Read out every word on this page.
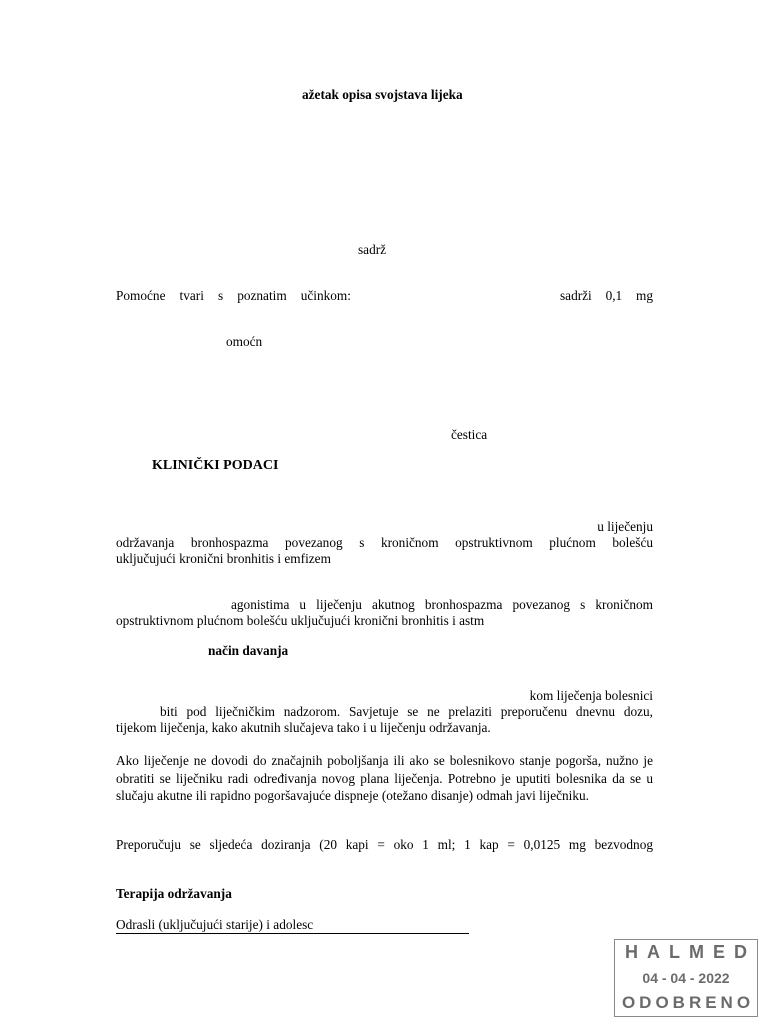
ažetak opisa svojstava lijeka
sadrž
Pomoćne tvari s poznatim učinkom:	sadrži 0,1 mg
omoćn
čestica
KLINIČKI PODACI
u liječenju
održavanja bronhospazma povezanog s kroničnom opstruktivnom plućnom bolešću
uključujući kronični bronhitis i emfizem
agonistima u liječenju akutnog bronhospazma povezanog s kroničnom
opstruktivnom plućnom bolešću uključujući kronični bronhitis i astm
način davanja
kom liječenja bolesnici
biti pod liječničkim nadzorom. Savjetuje se ne prelaziti preporučenu dnevnu dozu,
tijekom liječenja, kako akutnih slučajeva tako i u liječenju održavanja.
Ako liječenje ne dovodi do značajnih poboljšanja ili ako se bolesnikovo stanje pogorša, nužno je obratiti se liječniku radi određivanja novog plana liječenja. Potrebno je uputiti bolesnika da se u slučaju akutne ili rapidno pogoršavajuće dispneje (otežano disanje) odmah javi liječniku.
Preporučuju se sljedeća doziranja (20 kapi = oko 1 ml; 1 kap = 0,0125 mg bezvodnog
Terapija održavanja
Odrasli (uključujući starije) i adolesc
HALMED
04 - 04 - 2022
ODOBRENO
